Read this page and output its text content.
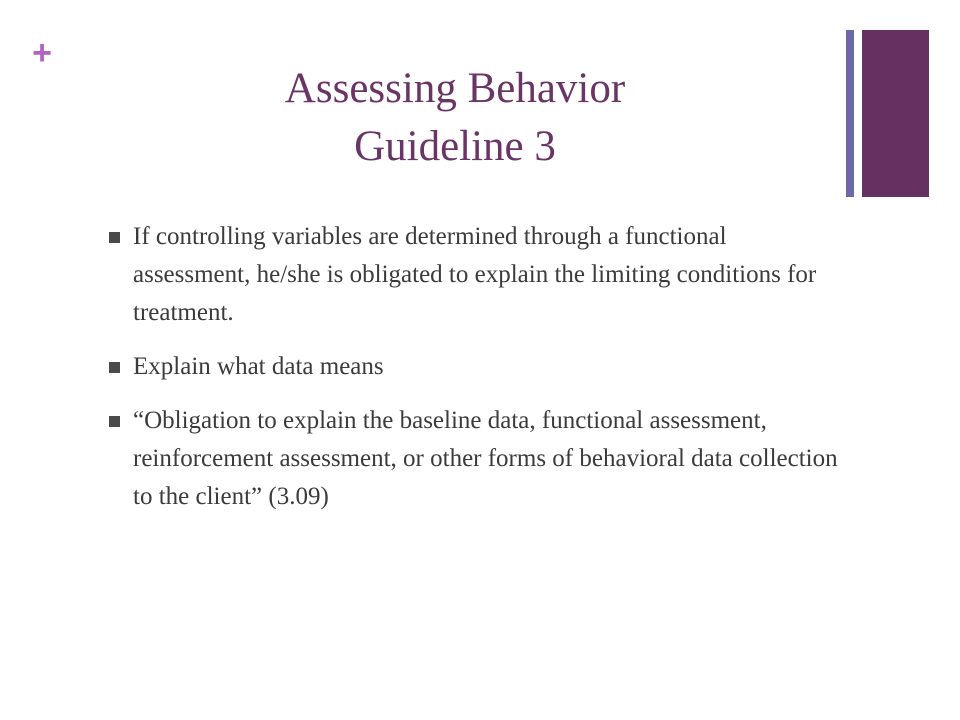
+
Assessing Behavior
Guideline 3
If controlling variables are determined through a functional assessment, he/she is obligated to explain the limiting conditions for treatment.
Explain what data means
“Obligation to explain the baseline data, functional assessment, reinforcement assessment, or other forms of behavioral data collection to the client” (3.09)
